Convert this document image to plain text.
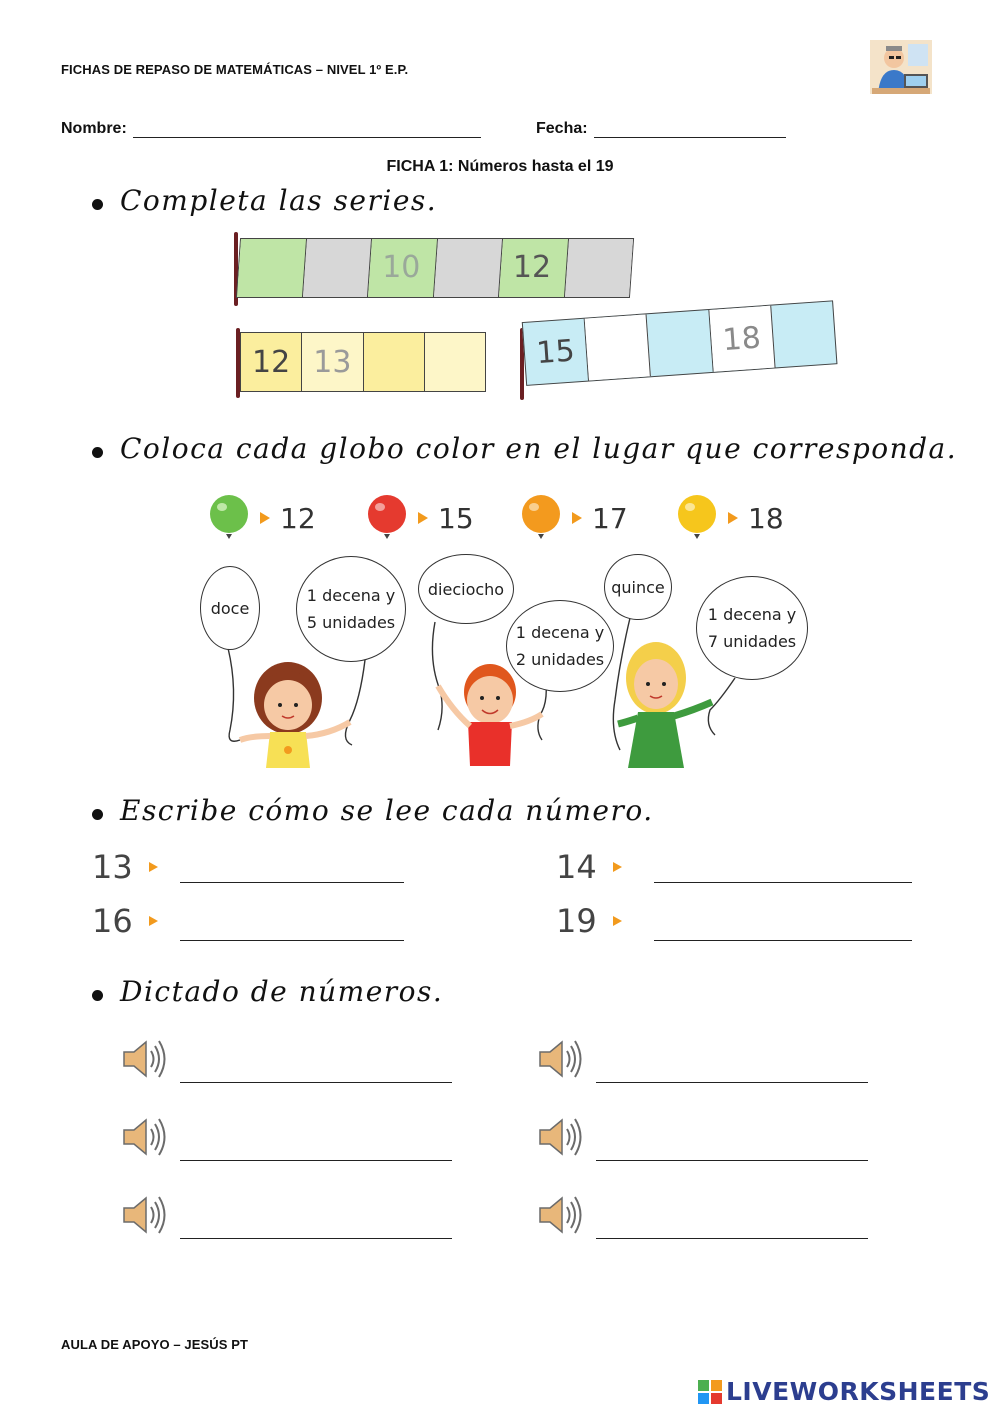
FICHAS DE REPASO DE MATEMÁTICAS – NIVEL 1º E.P.
Nombre:	Fecha:
FICHA 1: Números hasta el 19
Completa las series.
10	12
12 13	15	18
Coloca cada globo color en el lugar que corresponda.
12	15	17	18
doce
1 decena y
5 unidades
dieciocho
1 decena y
2 unidades
quince
1 decena y
7 unidades
Escribe cómo se lee cada número.
13	14
16	19
Dictado de números.
AULA DE APOYO – JESÚS PT
LIVEWORKSHEETS
